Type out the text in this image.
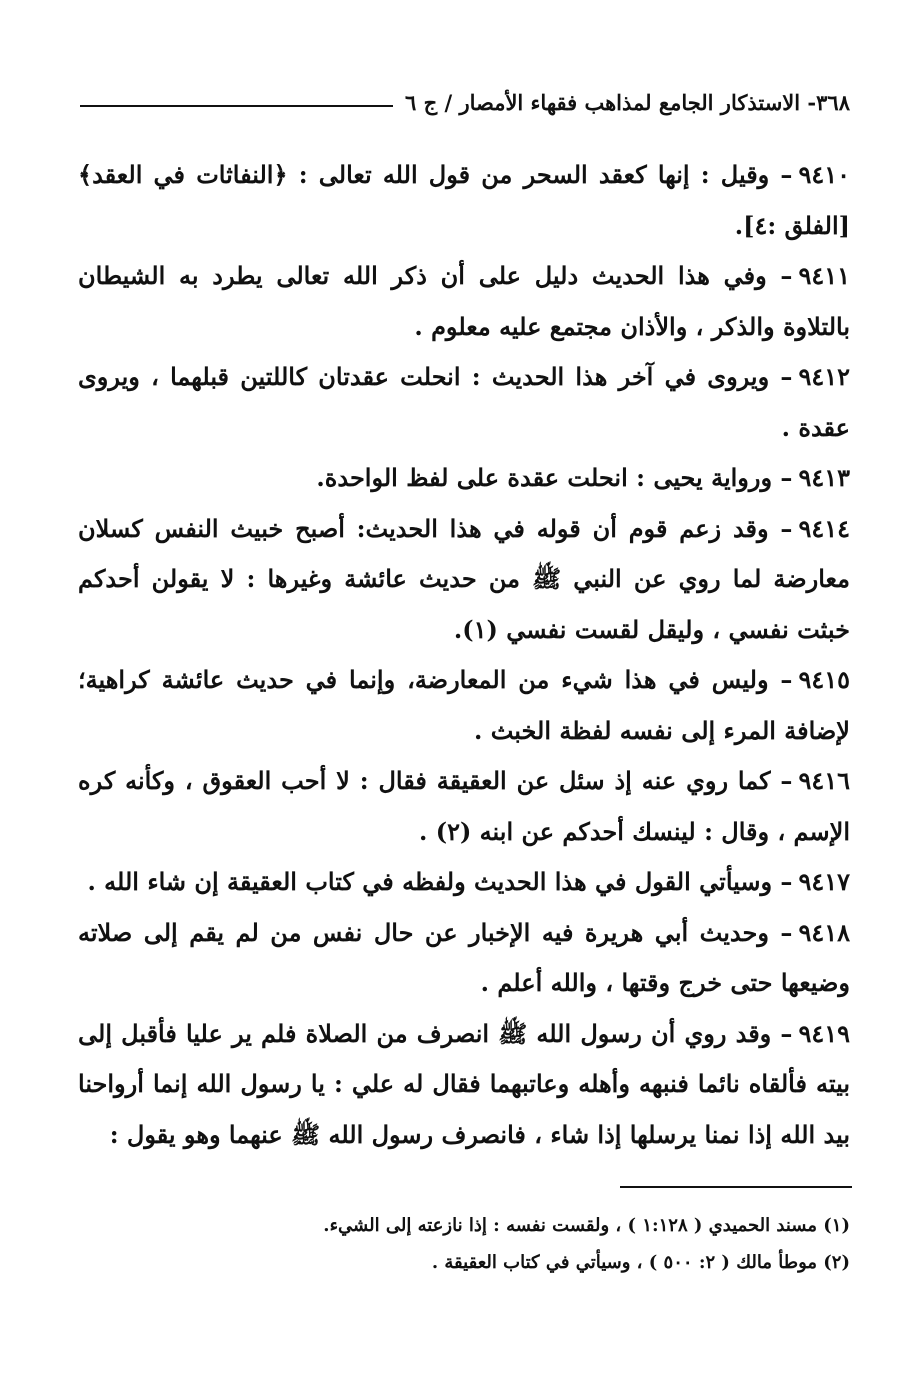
٣٦٨- الاستذكار الجامع لمذاهب فقهاء الأمصار / ج ٦

٩٤١٠– وقيل : إنها كعقد السحر من قول الله تعالى : ﴿النفاثات في العقد﴾ [الفلق :٤].

٩٤١١– وفي هذا الحديث دليل على أن ذكر الله تعالى يطرد به الشيطان بالتلاوة والذكر ، والأذان مجتمع عليه معلوم .

٩٤١٢– ويروى في آخر هذا الحديث : انحلت عقدتان كاللتين قبلهما ، ويروى عقدة .

٩٤١٣– ورواية يحيى : انحلت عقدة على لفظ الواحدة.

٩٤١٤– وقد زعم قوم أن قوله في هذا الحديث: أصبح خبيث النفس كسلان معارضة لما روي عن النبي ﷺ من حديث عائشة وغيرها : لا يقولن أحدكم خبثت نفسي ، وليقل لقست نفسي (١).

٩٤١٥– وليس في هذا شيء من المعارضة، وإنما في حديث عائشة كراهية؛ لإضافة المرء إلى نفسه لفظة الخبث .

٩٤١٦– كما روي عنه إذ سئل عن العقيقة فقال : لا أحب العقوق ، وكأنه كره الإسم ، وقال : لينسك أحدكم عن ابنه (٢) .

٩٤١٧– وسيأتي القول في هذا الحديث ولفظه في كتاب العقيقة إن شاء الله .

٩٤١٨– وحديث أبي هريرة فيه الإخبار عن حال نفس من لم يقم إلى صلاته وضيعها حتى خرج وقتها ، والله أعلم .

٩٤١٩– وقد روي أن رسول الله ﷺ انصرف من الصلاة فلم ير عليا فأقبل إلى بيته فألقاه نائما فنبهه وأهله وعاتبهما فقال له علي : يا رسول الله إنما أرواحنا بيد الله إذا نمنا يرسلها إذا شاء ، فانصرف رسول الله ﷺ عنهما وهو يقول :

(١) مسند الحميدي ( ١:١٢٨ ) ، ولقست نفسه : إذا نازعته إلى الشيء.

(٢) موطأ مالك ( ٢: ٥٠٠ ) ، وسيأتي في كتاب العقيقة .
